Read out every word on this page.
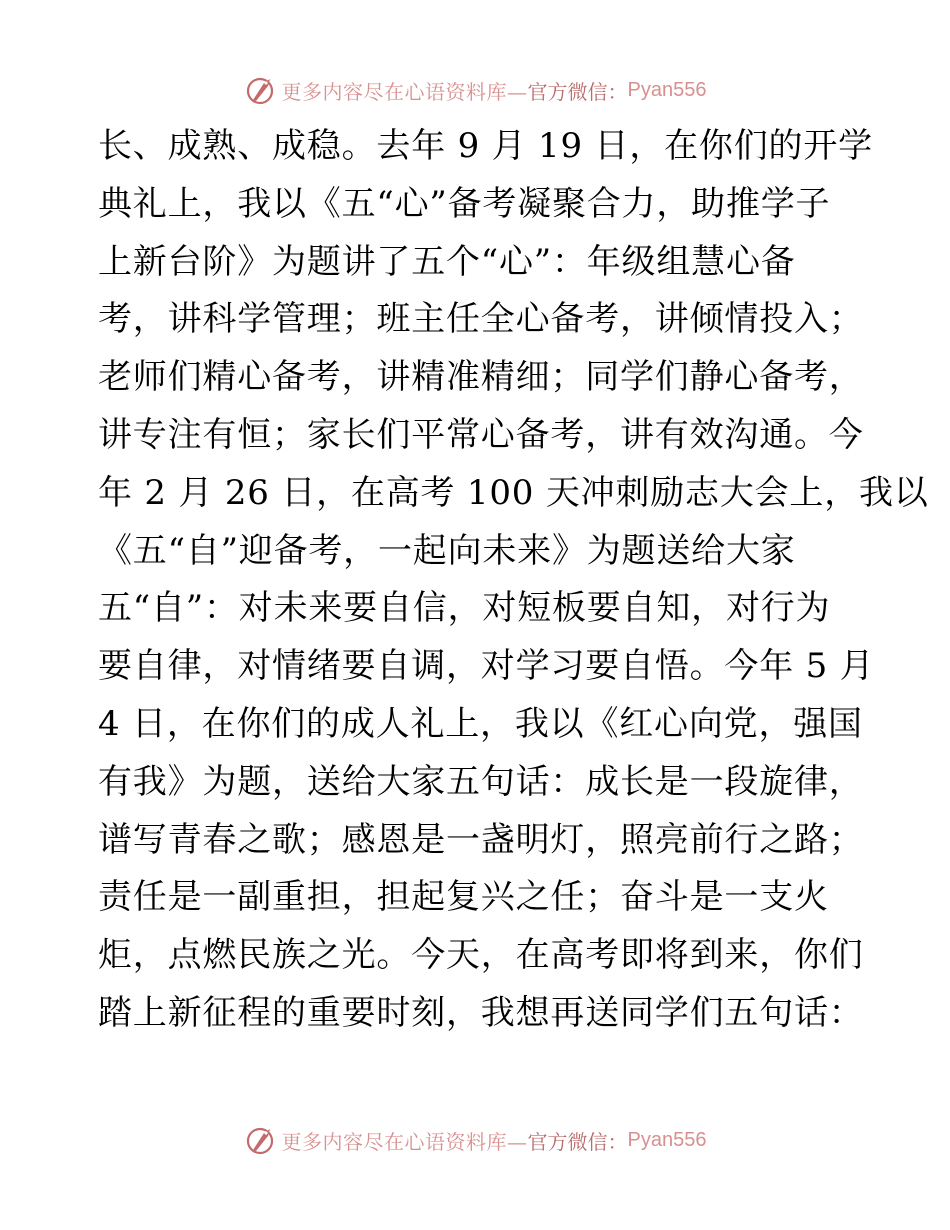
更多内容尽在心语资料库— 官方微信： Pyan556
长、成熟、成稳。去年 9 月 19 日，在你们的开学
典礼上，我以《五“心”备考凝聚合力，助推学子
上新台阶》为题讲了五个“心”：年级组慧心备
考，讲科学管理；班主任全心备考，讲倾情投入；
老师们精心备考，讲精准精细；同学们静心备考，
讲专注有恒；家长们平常心备考，讲有效沟通。今
年 2 月 26 日，在高考 100 天冲刺励志大会上，我以
《五“自”迎备考，一起向未来》为题送给大家
五“自”：对未来要自信，对短板要自知，对行为
要自律，对情绪要自调，对学习要自悟。今年 5 月
4 日，在你们的成人礼上，我以《红心向党，强国
有我》为题，送给大家五句话：成长是一段旋律，
谱写青春之歌；感恩是一盏明灯，照亮前行之路；
责任是一副重担，担起复兴之任；奋斗是一支火
炬，点燃民族之光。今天，在高考即将到来，你们
踏上新征程的重要时刻，我想再送同学们五句话：
更多内容尽在心语资料库— 官方微信： Pyan556
